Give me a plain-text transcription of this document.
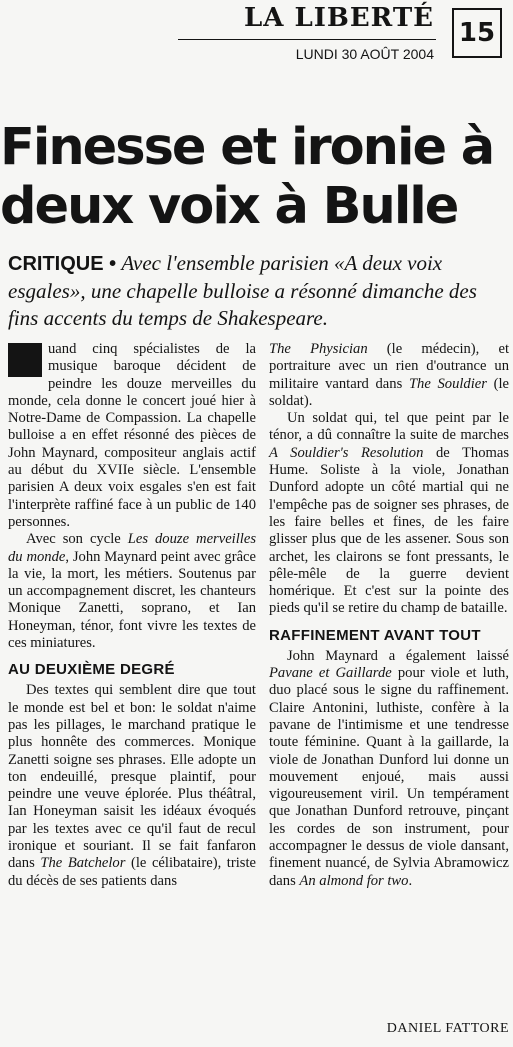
LA LIBERTÉ
LUNDI 30 AOÛT 2004
15
Finesse et ironie à
deux voix à Bulle

CRITIQUE • Avec l'ensemble parisien «A deux voix esgales», une chapelle bulloise a résonné dimanche des fins accents du temps de Shakespeare.

uand cinq spécialistes de la musique baroque décident de peindre les douze merveilles du monde, cela donne le concert joué hier à Notre-Dame de Compassion. La chapelle bulloise a en effet résonné des pièces de John Maynard, compositeur anglais actif au début du XVIIe siècle. L'ensemble parisien A deux voix esgales s'en est fait l'interprète raffiné face à un public de 140 personnes.

Avec son cycle Les douze merveilles du monde, John Maynard peint avec grâce la vie, la mort, les métiers. Soutenus par un accompagnement discret, les chanteurs Monique Zanetti, soprano, et Ian Honeyman, ténor, font vivre les textes de ces miniatures.

AU DEUXIÈME DEGRÉ

Des textes qui semblent dire que tout le monde est bel et bon: le soldat n'aime pas les pillages, le marchand pratique le plus honnête des commerces. Monique Zanetti soigne ses phrases. Elle adopte un ton endeuillé, presque plaintif, pour peindre une veuve éplorée. Plus théâtral, Ian Honeyman saisit les idéaux évoqués par les textes avec ce qu'il faut de recul ironique et souriant. Il se fait fanfaron dans The Batchelor (le célibataire), triste du décès de ses patients dans

The Physician (le médecin), et portraiture avec un rien d'outrance un militaire vantard dans The Souldier (le soldat).

Un soldat qui, tel que peint par le ténor, a dû connaître la suite de marches A Souldier's Resolution de Thomas Hume. Soliste à la viole, Jonathan Dunford adopte un côté martial qui ne l'empêche pas de soigner ses phrases, de les faire belles et fines, de les faire glisser plus que de les assener. Sous son archet, les clairons se font pressants, le pêle-mêle de la guerre devient homérique. Et c'est sur la pointe des pieds qu'il se retire du champ de bataille.

RAFFINEMENT AVANT TOUT

John Maynard a également laissé Pavane et Gaillarde pour viole et luth, duo placé sous le signe du raffinement. Claire Antonini, luthiste, confère à la pavane de l'intimisme et une tendresse toute féminine. Quant à la gaillarde, la viole de Jonathan Dunford lui donne un mouvement enjoué, mais aussi vigoureusement viril. Un tempérament que Jonathan Dunford retrouve, pinçant les cordes de son instrument, pour accompagner le dessus de viole dansant, finement nuancé, de Sylvia Abramowicz dans An almond for two.

DANIEL FATTORE
